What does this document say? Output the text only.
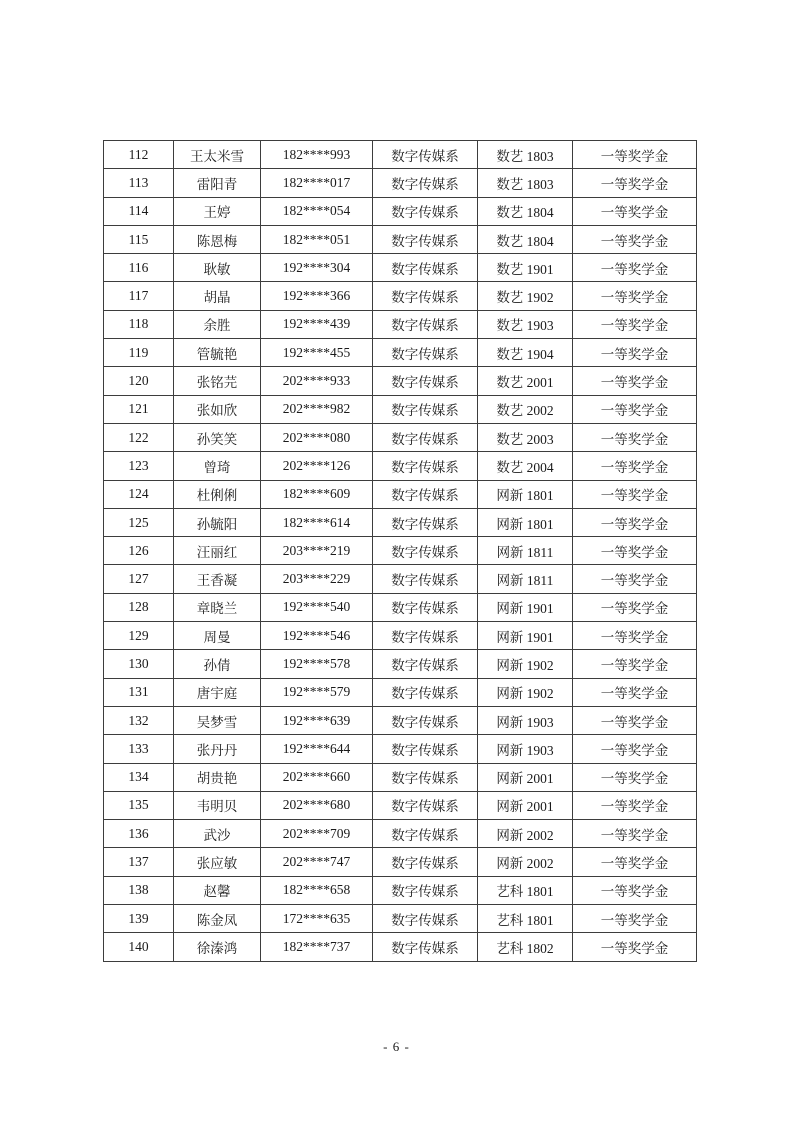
112	王太米雪	182****993	数字传媒系	数艺 1803	一等奖学金
113	雷阳青	182****017	数字传媒系	数艺 1803	一等奖学金
114	王婷	182****054	数字传媒系	数艺 1804	一等奖学金
115	陈恩梅	182****051	数字传媒系	数艺 1804	一等奖学金
116	耿敏	192****304	数字传媒系	数艺 1901	一等奖学金
117	胡晶	192****366	数字传媒系	数艺 1902	一等奖学金
118	余胜	192****439	数字传媒系	数艺 1903	一等奖学金
119	管毓艳	192****455	数字传媒系	数艺 1904	一等奖学金
120	张铭芫	202****933	数字传媒系	数艺 2001	一等奖学金
121	张如欣	202****982	数字传媒系	数艺 2002	一等奖学金
122	孙笑笑	202****080	数字传媒系	数艺 2003	一等奖学金
123	曾琦	202****126	数字传媒系	数艺 2004	一等奖学金
124	杜俐俐	182****609	数字传媒系	网新 1801	一等奖学金
125	孙毓阳	182****614	数字传媒系	网新 1801	一等奖学金
126	汪丽红	203****219	数字传媒系	网新 1811	一等奖学金
127	王香凝	203****229	数字传媒系	网新 1811	一等奖学金
128	章晓兰	192****540	数字传媒系	网新 1901	一等奖学金
129	周曼	192****546	数字传媒系	网新 1901	一等奖学金
130	孙倩	192****578	数字传媒系	网新 1902	一等奖学金
131	唐宇庭	192****579	数字传媒系	网新 1902	一等奖学金
132	吴梦雪	192****639	数字传媒系	网新 1903	一等奖学金
133	张丹丹	192****644	数字传媒系	网新 1903	一等奖学金
134	胡贵艳	202****660	数字传媒系	网新 2001	一等奖学金
135	韦明贝	202****680	数字传媒系	网新 2001	一等奖学金
136	武沙	202****709	数字传媒系	网新 2002	一等奖学金
137	张应敏	202****747	数字传媒系	网新 2002	一等奖学金
138	赵馨	182****658	数字传媒系	艺科 1801	一等奖学金
139	陈金凤	172****635	数字传媒系	艺科 1801	一等奖学金
140	徐溱鸿	182****737	数字传媒系	艺科 1802	一等奖学金
- 6 -
